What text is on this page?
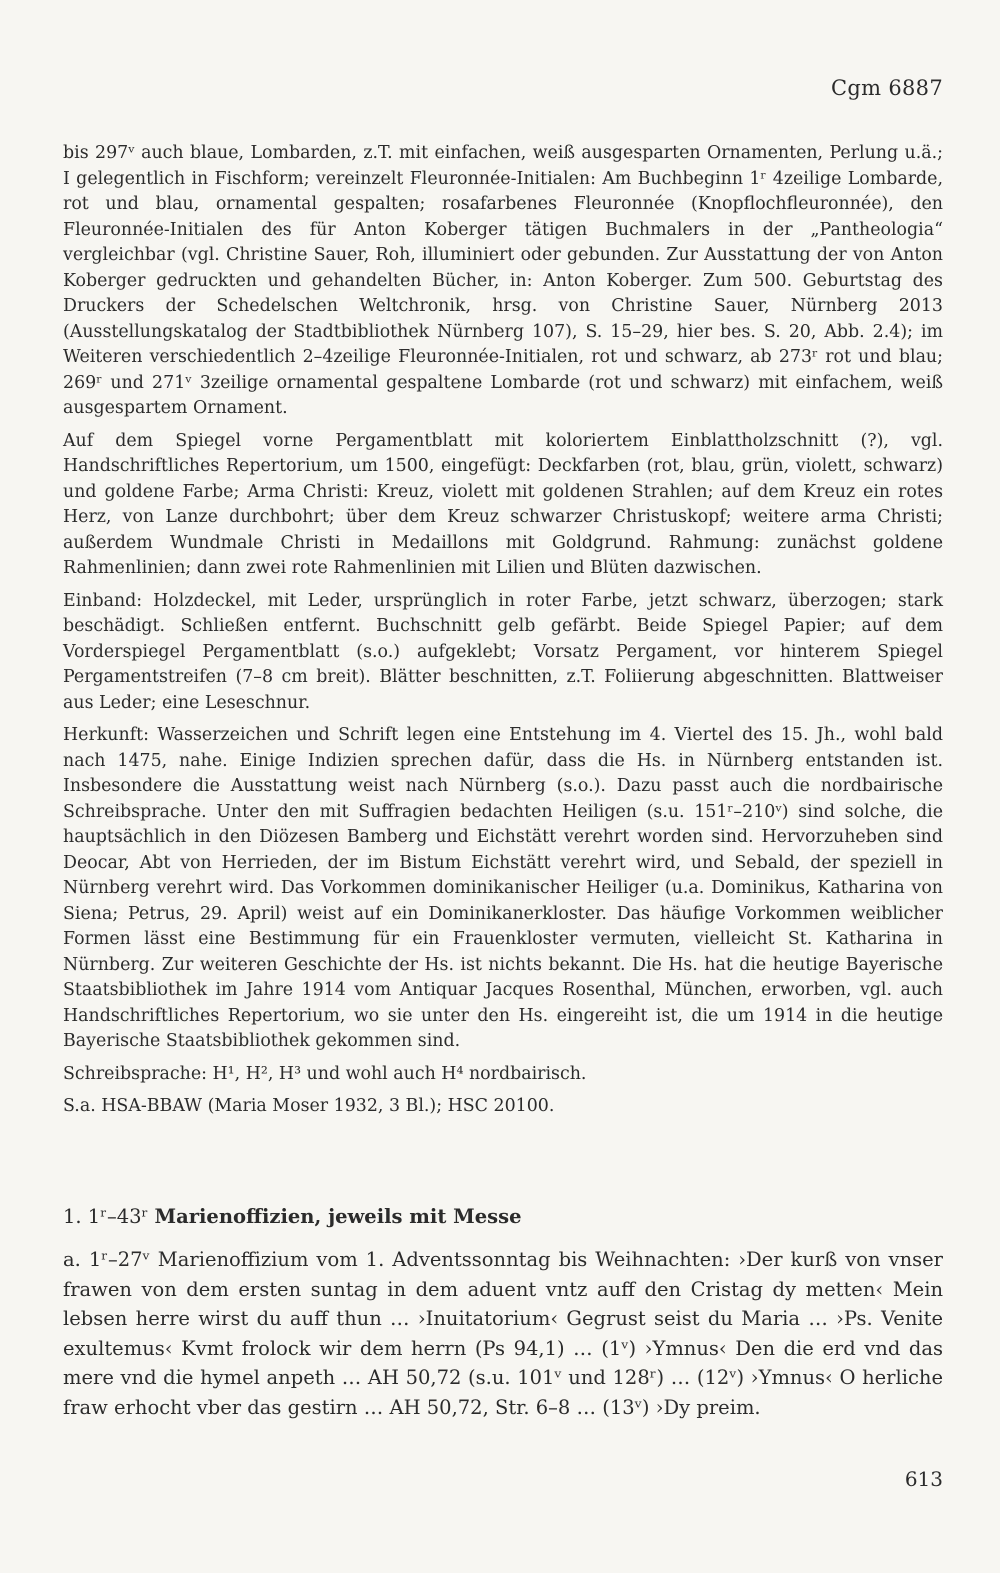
Cgm 6887

bis 297ᵛ auch blaue, Lombarden, z.T. mit einfachen, weiß ausgesparten Ornamenten, Perlung u.ä.; I gelegentlich in Fischform; vereinzelt Fleuronnée-Initialen: Am Buchbeginn 1ʳ 4zeilige Lombarde, rot und blau, ornamental gespalten; rosafarbenes Fleuronnée (Knopflochfleuronnée), den Fleuronnée-Initialen des für Anton Koberger tätigen Buchmalers in der „Pantheologia“ vergleichbar (vgl. Christine Sauer, Roh, illuminiert oder gebunden. Zur Ausstattung der von Anton Koberger gedruckten und gehandelten Bücher, in: Anton Koberger. Zum 500. Geburtstag des Druckers der Schedelschen Weltchronik, hrsg. von Christine Sauer, Nürnberg 2013 (Ausstellungskatalog der Stadtbibliothek Nürnberg 107), S. 15–29, hier bes. S. 20, Abb. 2.4); im Weiteren verschiedentlich 2–4zeilige Fleuronnée-Initialen, rot und schwarz, ab 273ʳ rot und blau; 269ʳ und 271ᵛ 3zeilige ornamental gespaltene Lombarde (rot und schwarz) mit einfachem, weiß ausgespartem Ornament.

Auf dem Spiegel vorne Pergamentblatt mit koloriertem Einblattholzschnitt (?), vgl. Handschriftliches Repertorium, um 1500, eingefügt: Deckfarben (rot, blau, grün, violett, schwarz) und goldene Farbe; Arma Christi: Kreuz, violett mit goldenen Strahlen; auf dem Kreuz ein rotes Herz, von Lanze durchbohrt; über dem Kreuz schwarzer Christuskopf; weitere arma Christi; außerdem Wundmale Christi in Medaillons mit Goldgrund. Rahmung: zunächst goldene Rahmenlinien; dann zwei rote Rahmenlinien mit Lilien und Blüten dazwischen.

Einband: Holzdeckel, mit Leder, ursprünglich in roter Farbe, jetzt schwarz, überzogen; stark beschädigt. Schließen entfernt. Buchschnitt gelb gefärbt. Beide Spiegel Papier; auf dem Vorderspiegel Pergamentblatt (s.o.) aufgeklebt; Vorsatz Pergament, vor hinterem Spiegel Pergamentstreifen (7–8 cm breit). Blätter beschnitten, z.T. Foliierung abgeschnitten. Blattweiser aus Leder; eine Leseschnur.

Herkunft: Wasserzeichen und Schrift legen eine Entstehung im 4. Viertel des 15. Jh., wohl bald nach 1475, nahe. Einige Indizien sprechen dafür, dass die Hs. in Nürnberg entstanden ist. Insbesondere die Ausstattung weist nach Nürnberg (s.o.). Dazu passt auch die nordbairische Schreibsprache. Unter den mit Suffragien bedachten Heiligen (s.u. 151ʳ–210ᵛ) sind solche, die hauptsächlich in den Diözesen Bamberg und Eichstätt verehrt worden sind. Hervorzuheben sind Deocar, Abt von Herrieden, der im Bistum Eichstätt verehrt wird, und Sebald, der speziell in Nürnberg verehrt wird. Das Vorkommen dominikanischer Heiliger (u.a. Dominikus, Katharina von Siena; Petrus, 29. April) weist auf ein Dominikanerkloster. Das häufige Vorkommen weiblicher Formen lässt eine Bestimmung für ein Frauenkloster vermuten, vielleicht St. Katharina in Nürnberg. Zur weiteren Geschichte der Hs. ist nichts bekannt. Die Hs. hat die heutige Bayerische Staatsbibliothek im Jahre 1914 vom Antiquar Jacques Rosenthal, München, erworben, vgl. auch Handschriftliches Repertorium, wo sie unter den Hs. eingereiht ist, die um 1914 in die heutige Bayerische Staatsbibliothek gekommen sind.

Schreibsprache: H¹, H², H³ und wohl auch H⁴ nordbairisch.

S.a. HSA-BBAW (Maria Moser 1932, 3 Bl.); HSC 20100.

1. 1ʳ–43ʳ Marienoffizien, jeweils mit Messe
a. 1ʳ–27ᵛ Marienoffizium vom 1. Adventssonntag bis Weihnachten: ›Der kurß von vnser frawen von dem ersten suntag in dem aduent vntz auff den Cristag dy metten‹ Mein lebsen herre wirst du auff thun … ›Inuitatorium‹ Gegrust seist du Maria … ›Ps. Venite exultemus‹ Kvmt frolock wir dem herrn (Ps 94,1) … (1ᵛ) ›Ymnus‹ Den die erd vnd das mere vnd die hymel anpeth … AH 50,72 (s.u. 101ᵛ und 128ʳ) … (12ᵛ) ›Ymnus‹ O herliche fraw erhocht vber das gestirn … AH 50,72, Str. 6–8 … (13ᵛ) ›Dy preim.
613
